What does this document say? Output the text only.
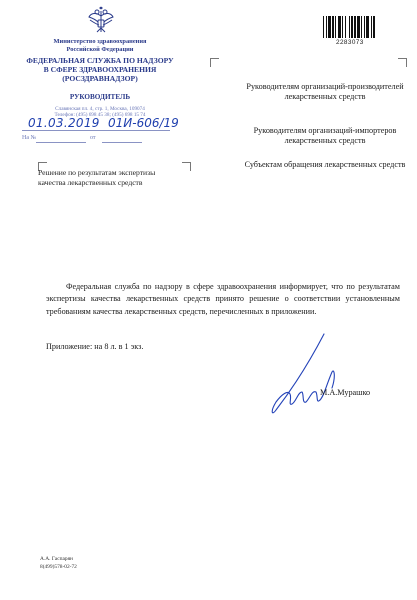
Министерство здравоохранения
Российской Федерации
ФЕДЕРАЛЬНАЯ СЛУЖБА ПО НАДЗОРУ
В СФЕРЕ ЗДРАВООХРАНЕНИЯ
(РОСЗДРАВНАДЗОР)
РУКОВОДИТЕЛЬ
Славянская пл. 4, стр. 1, Москва, 109074
Телефон: (495) 698 45 38; (495) 698 15 74
01.03.2019 01И-606/19
На №	от
Решение по результатам экспертизы качества лекарственных средств
2283073
Руководителям организаций-производителей лекарственных средств
Руководителям организаций-импортеров лекарственных средств
Субъектам обращения лекарственных средств
Федеральная служба по надзору в сфере здравоохранения информирует, что по результатам экспертизы качества лекарственных средств принято решение о соответствии установленным требованиям качества лекарственных средств, перечисленных в приложении.
Приложение: на 8 л. в 1 экз.
М.А.Мурашко
А.А. Гаспарян
8(499)578-02-72
